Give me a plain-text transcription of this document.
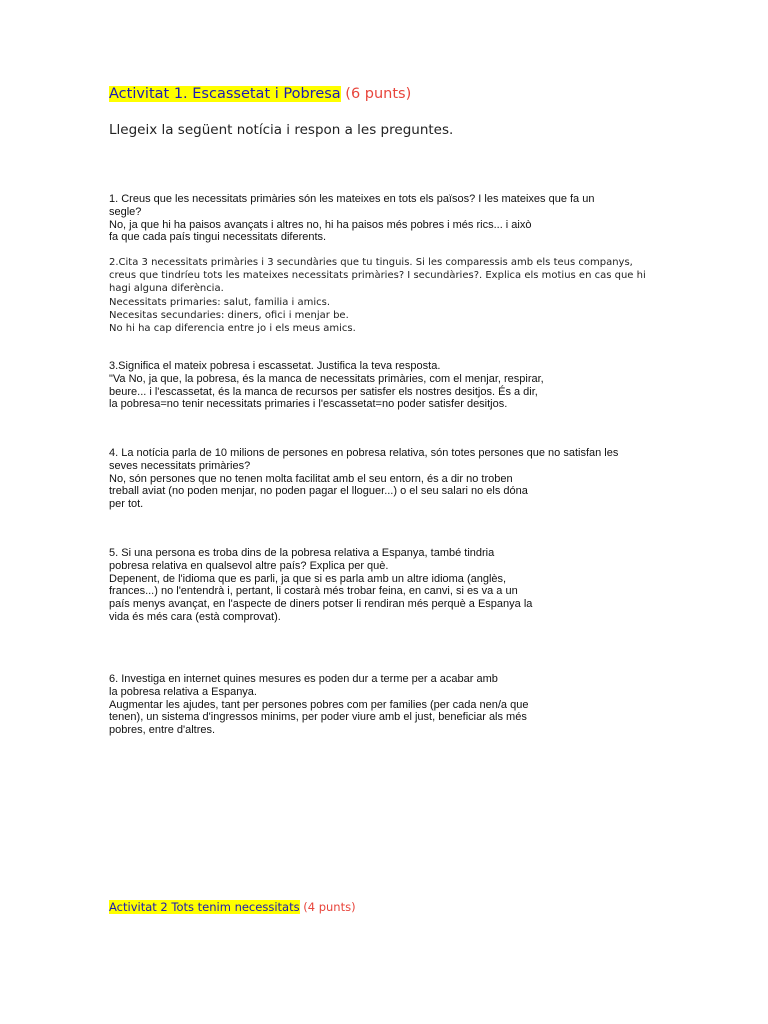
Activitat 1. Escassetat i Pobresa (6 punts)
Llegeix la següent notícia i respon a les preguntes.
1. Creus que les necessitats primàries són les mateixes en tots els països? I les mateixes que fa un
segle?
No, ja que hi ha paisos avançats i altres no, hi ha paisos més pobres i més rics... i això
fa que cada país tingui necessitats diferents.
2.Cita 3 necessitats primàries i 3 secundàries que tu tinguis. Si les comparessis amb els teus companys,
creus que tindríeu tots les mateixes necessitats primàries? I secundàries?. Explica els motius en cas que hi
hagi alguna diferència.
Necessitats primaries: salut, familia i amics.
Necesitas secundaries: diners, ofici i menjar be.
No hi ha cap diferencia entre jo i els meus amics.
3.Significa el mateix pobresa i escassetat. Justifica la teva resposta.
"Va No, ja que, la pobresa, és la manca de necessitats primàries, com el menjar, respirar,
beure... i l'escassetat, és la manca de recursos per satisfer els nostres desitjos. És a dir,
la pobresa=no tenir necessitats primaries i l'escassetat=no poder satisfer desitjos.
4. La notícia parla de 10 milions de persones en pobresa relativa, són totes persones que no satisfan les
seves necessitats primàries?
No, són persones que no tenen molta facilitat amb el seu entorn, és a dir no troben
treball aviat (no poden menjar, no poden pagar el lloguer...) o el seu salari no els dóna
per tot.
5. Si una persona es troba dins de la pobresa relativa a Espanya, també tindria
pobresa relativa en qualsevol altre país? Explica per què.
Depenent, de l'idioma que es parli, ja que si es parla amb un altre idioma (anglès,
frances...) no l'entendrà i, pertant, li costarà més trobar feina, en canvi, si es va a un
país menys avançat, en l'aspecte de diners potser li rendiran més perquè a Espanya la
vida és més cara (està comprovat).
6. Investiga en internet quines mesures es poden dur a terme per a acabar amb
la pobresa relativa a Espanya.
Augmentar les ajudes, tant per persones pobres com per families (per cada nen/a que
tenen), un sistema d'ingressos minims, per poder viure amb el just, beneficiar als més
pobres, entre d'altres.
Activitat 2 Tots tenim necessitats (4 punts)
